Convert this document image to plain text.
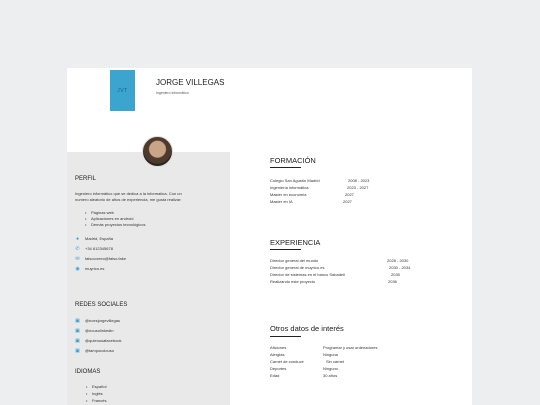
JVT
JORGE VILLEGAS
Ingeniero informático
PERFIL
Ingeniero informático que se dedica a la informatica. Con un
numero aleatorio de años de experiencia, me gusta realizar:
• Páginas web
• Aplicaciones en android
• Demás proyectos tecnológicos
● Madrid, España
✆ +34 612345678
✉ falsocorreo@falso.fake
◉ muyrico.es
REDES SOCIALES
▣ @noesjorgevillegas
▣ @nousolinkedin
▣ @quienusafacebook
▣ @tampocolouso
IDIOMAS
• Español
• Inglés
• Francés
FORMACIÓN
Colegio San Agustín Madrid	2008 - 2023
Ingeniería informática	2023 - 2027
Master en economía	2027
Master en IA	2027
EXPERIENCIA
Director general del mundo	2028 - 2030
Director general de muyrico.es	2030 - 2034
Director de sistemas en el banco Sabadell	2035
Realizando este proyecto	2036
Otros datos de interés
Aficiones	Programar y usar ordenadores
Alergias	Ninguna
Carnet de conducir	Sin carnet
Deportes	Ninguno
Edad	30 años
